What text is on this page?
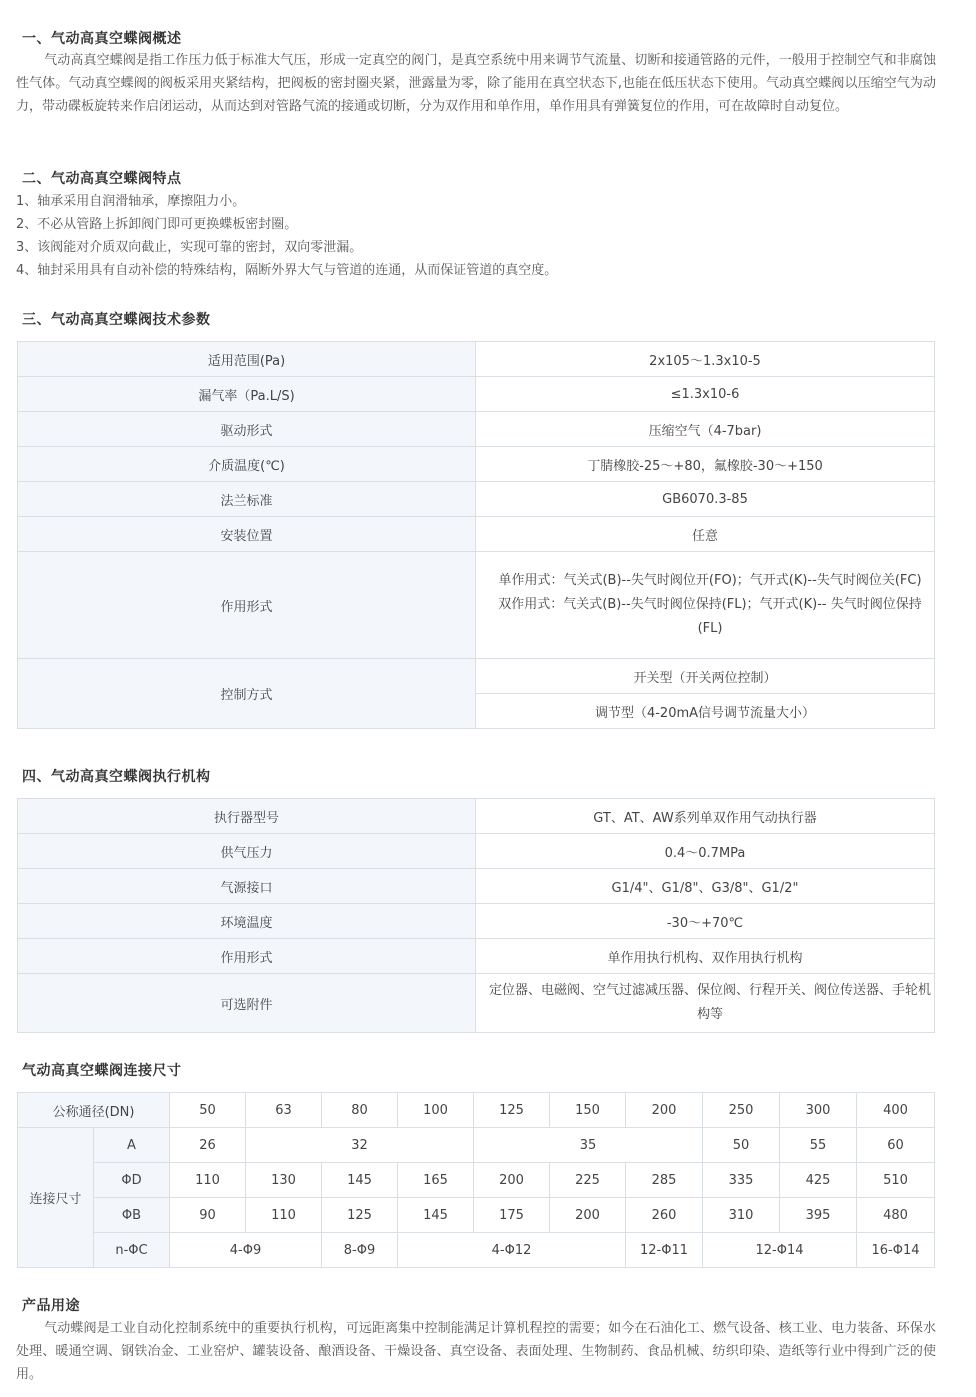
一、气动高真空蝶阀概述
气动高真空蝶阀是指工作压力低于标准大气压，形成一定真空的阀门，是真空系统中用来调节气流量、切断和接通管路的元件，一般用于控制空气和非腐蚀性气体。气动真空蝶阀的阀板采用夹紧结构，把阀板的密封圈夹紧，泄露量为零，除了能用在真空状态下,也能在低压状态下使用。气动真空蝶阀以压缩空气为动力，带动碟板旋转来作启闭运动，从而达到对管路气流的接通或切断，分为双作用和单作用，单作用具有弹簧复位的作用，可在故障时自动复位。
二、气动高真空蝶阀特点
1、轴承采用自润滑轴承，摩擦阻力小。
2、不必从管路上拆卸阀门即可更换蝶板密封圈。
3、该阀能对介质双向截止，实现可靠的密封，双向零泄漏。
4、轴封采用具有自动补偿的特殊结构，隔断外界大气与管道的连通，从而保证管道的真空度。
三、气动高真空蝶阀技术参数
适用范围(Pa)	2x105～1.3x10-5
漏气率（Pa.L/S)	≤1.3x10-6
驱动形式	压缩空气（4-7bar)
介质温度(℃)	丁腈橡胶-25～+80，氟橡胶-30～+150
法兰标准	GB6070.3-85
安装位置	任意
作用形式	单作用式：气关式(B)--失气时阀位开(FO)；气开式(K)--失气时阀位关(FC)
双作用式：气关式(B)--失气时阀位保持(FL)；气开式(K)-- 失气时阀位保持(FL)

控制方式	开关型（开关两位控制）
	调节型（4-20mA信号调节流量大小）
四、气动高真空蝶阀执行机构
执行器型号	GT、AT、AW系列单双作用气动执行器
供气压力	0.4～0.7MPa
气源接口	G1/4"、G1/8"、G3/8"、G1/2"
环境温度	-30～+70℃
作用形式	单作用执行机构、双作用执行机构
可选附件	定位器、电磁阀、空气过滤减压器、保位阀、行程开关、阀位传送器、手轮机构等
气动高真空蝶阀连接尺寸
公称通径(DN)		50	63	80	100	125	150	200	250	300	400
连接尺寸	A	26	32			35			50	55	60
	ΦD	110	130	145	165	200	225	285	335	425	510
	ΦB	90	110	125	145	175	200	260	310	395	480
	n-ΦC	4-Φ9		8-Φ9	4-Φ12			12-Φ11	12-Φ14		16-Φ14
产品用途
气动蝶阀是工业自动化控制系统中的重要执行机构，可远距离集中控制能满足计算机程控的需要；如今在石油化工、燃气设备、核工业、电力装备、环保水处理、暖通空调、钢铁冶金、工业窑炉、罐装设备、酿酒设备、干燥设备、真空设备、表面处理、生物制药、食品机械、纺织印染、造纸等行业中得到广泛的使用。
